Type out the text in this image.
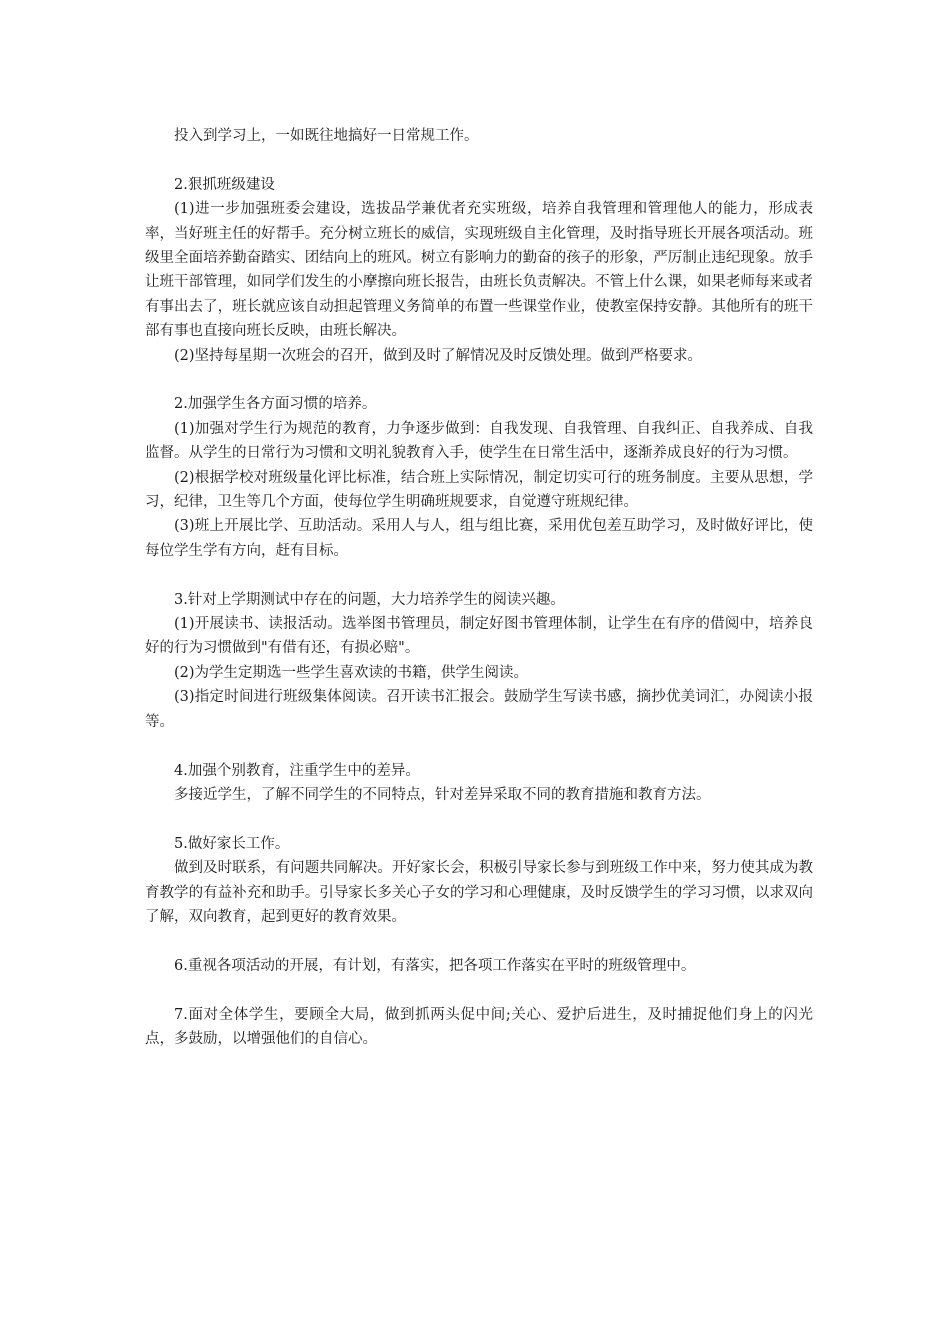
投入到学习上，一如既往地搞好一日常规工作。

2.狠抓班级建设

(1)进一步加强班委会建设，选拔品学兼优者充实班级，培养自我管理和管理他人的能力，形成表率，当好班主任的好帮手。充分树立班长的威信，实现班级自主化管理，及时指导班长开展各项活动。班级里全面培养勤奋踏实、团结向上的班风。树立有影响力的勤奋的孩子的形象，严厉制止违纪现象。放手让班干部管理，如同学们发生的小摩擦向班长报告，由班长负责解决。不管上什么课，如果老师每来或者有事出去了，班长就应该自动担起管理义务简单的布置一些课堂作业，使教室保持安静。其他所有的班干部有事也直接向班长反映，由班长解决。

(2)坚持每星期一次班会的召开，做到及时了解情况及时反馈处理。做到严格要求。

2.加强学生各方面习惯的培养。

(1)加强对学生行为规范的教育，力争逐步做到：自我发现、自我管理、自我纠正、自我养成、自我监督。从学生的日常行为习惯和文明礼貌教育入手，使学生在日常生活中，逐渐养成良好的行为习惯。

(2)根据学校对班级量化评比标准，结合班上实际情况，制定切实可行的班务制度。主要从思想，学习，纪律，卫生等几个方面，使每位学生明确班规要求，自觉遵守班规纪律。

(3)班上开展比学、互助活动。采用人与人，组与组比赛，采用优包差互助学习，及时做好评比，使每位学生学有方向，赶有目标。

3.针对上学期测试中存在的问题，大力培养学生的阅读兴趣。

(1)开展读书、读报活动。选举图书管理员，制定好图书管理体制，让学生在有序的借阅中，培养良好的行为习惯做到"有借有还，有损必赔"。

(2)为学生定期选一些学生喜欢读的书籍，供学生阅读。

(3)指定时间进行班级集体阅读。召开读书汇报会。鼓励学生写读书感，摘抄优美词汇，办阅读小报等。

4.加强个别教育，注重学生中的差异。

多接近学生，了解不同学生的不同特点，针对差异采取不同的教育措施和教育方法。

5.做好家长工作。

做到及时联系，有问题共同解决。开好家长会，积极引导家长参与到班级工作中来，努力使其成为教育教学的有益补充和助手。引导家长多关心子女的学习和心理健康，及时反馈学生的学习习惯，以求双向了解，双向教育，起到更好的教育效果。

6.重视各项活动的开展，有计划，有落实，把各项工作落实在平时的班级管理中。

7.面对全体学生，要顾全大局，做到抓两头促中间;关心、爱护后进生，及时捕捉他们身上的闪光点，多鼓励，以增强他们的自信心。
